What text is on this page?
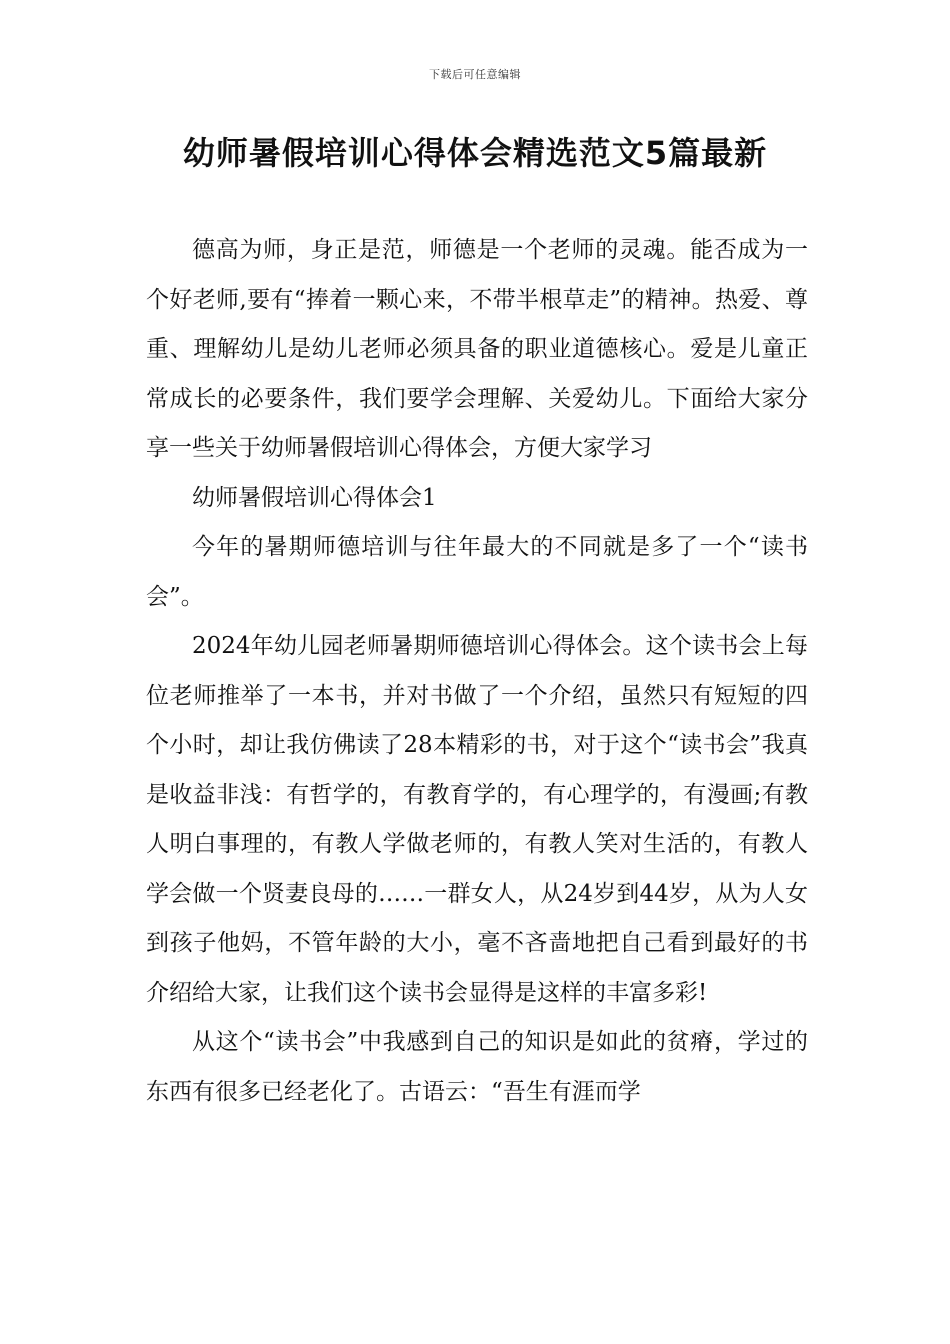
下载后可任意编辑
幼师暑假培训心得体会精选范文5篇最新

德高为师，身正是范，师德是一个老师的灵魂。能否成为一个好老师,要有“捧着一颗心来，不带半根草走”的精神。热爱、尊重、理解幼儿是幼儿老师必须具备的职业道德核心。爱是儿童正常成长的必要条件，我们要学会理解、关爱幼儿。下面给大家分享一些关于幼师暑假培训心得体会，方便大家学习

幼师暑假培训心得体会1

今年的暑期师德培训与往年最大的不同就是多了一个“读书会”。

2024年幼儿园老师暑期师德培训心得体会。这个读书会上每位老师推举了一本书，并对书做了一个介绍，虽然只有短短的四个小时，却让我仿佛读了28本精彩的书，对于这个“读书会”我真是收益非浅：有哲学的，有教育学的，有心理学的，有漫画;有教人明白事理的，有教人学做老师的，有教人笑对生活的，有教人学会做一个贤妻良母的……一群女人，从24岁到44岁，从为人女到孩子他妈，不管年龄的大小，毫不吝啬地把自己看到最好的书介绍给大家，让我们这个读书会显得是这样的丰富多彩!

从这个“读书会”中我感到自己的知识是如此的贫瘠，学过的东西有很多已经老化了。古语云：“吾生有涯而学
